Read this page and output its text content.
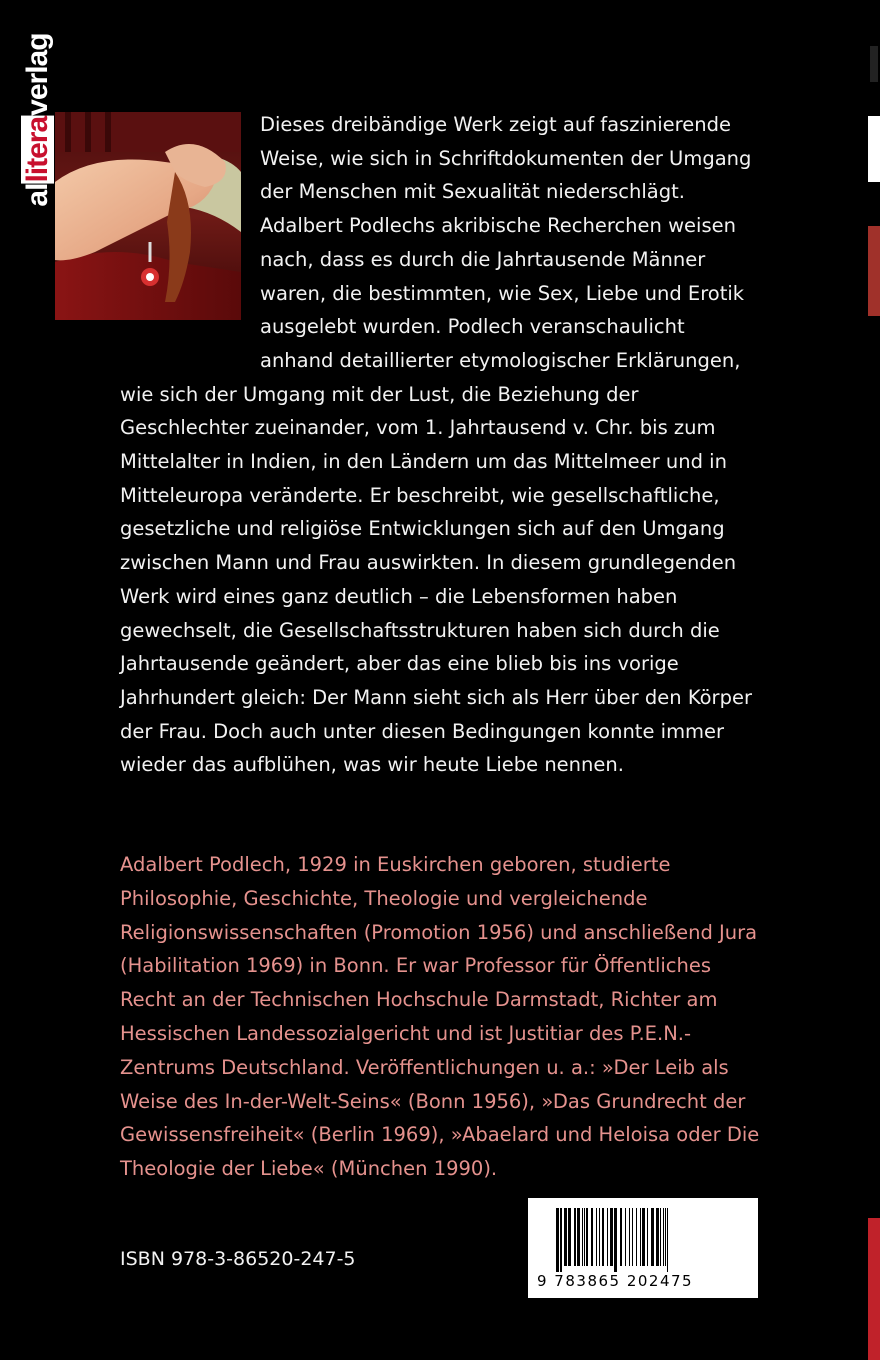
alliteraverlag

Dieses dreibändige Werk zeigt auf faszinierende Weise, wie sich in Schriftdokumenten der Umgang der Menschen mit Sexualität niederschlägt. Adalbert Podlechs akribische Recherchen weisen nach, dass es durch die Jahrtausende Männer waren, die bestimmten, wie Sex, Liebe und Erotik ausgelebt wurden. Podlech veranschaulicht anhand detaillierter etymologischer Erklärungen, wie sich der Umgang mit der Lust, die Beziehung der Geschlechter zueinander, vom 1. Jahrtausend v. Chr. bis zum Mittelalter in Indien, in den Ländern um das Mittelmeer und in Mitteleuropa veränderte. Er beschreibt, wie gesellschaftliche, gesetzliche und religiöse Entwicklungen sich auf den Umgang zwischen Mann und Frau auswirkten. In diesem grundlegenden Werk wird eines ganz deutlich – die Lebensformen haben gewechselt, die Gesellschaftsstrukturen haben sich durch die Jahrtausende geändert, aber das eine blieb bis ins vorige Jahrhundert gleich: Der Mann sieht sich als Herr über den Körper der Frau. Doch auch unter diesen Bedingungen konnte immer wieder das aufblühen, was wir heute Liebe nennen.

Adalbert Podlech, 1929 in Euskirchen geboren, studierte Philosophie, Geschichte, Theologie und vergleichende Religionswissenschaften (Promotion 1956) und anschließend Jura (Habilitation 1969) in Bonn. Er war Professor für Öffentliches Recht an der Technischen Hochschule Darmstadt, Richter am Hessischen Landessozialgericht und ist Justitiar des P.E.N.-Zentrums Deutschland. Veröffentlichungen u. a.: »Der Leib als Weise des In-der-Welt-Seins« (Bonn 1956), »Das Grundrecht der Gewissensfreiheit« (Berlin 1969), »Abaelard und Heloisa oder Die Theologie der Liebe« (München 1990).

ISBN 978-3-86520-247-5
9 783865 202475
